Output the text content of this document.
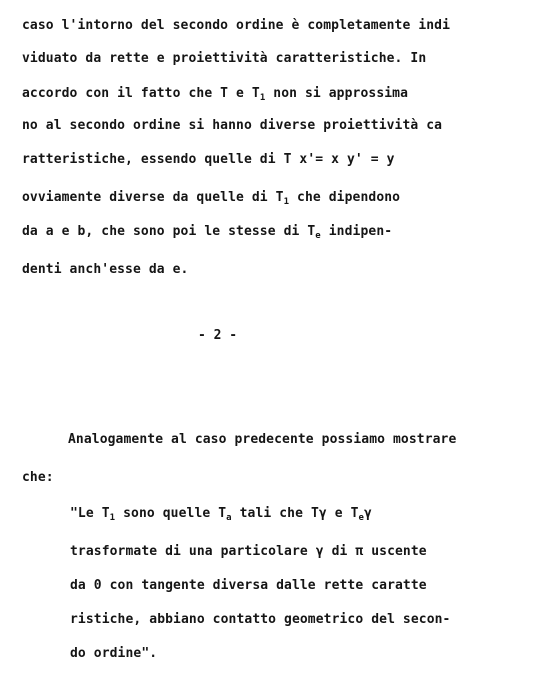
caso l'intorno del secondo ordine è completamente indi
viduato da rette e proiettività caratteristiche. In
accordo con il fatto che T e $T_1$ non si approssima
no al secondo ordine si hanno diverse proiettività ca
ratteristiche, essendo quelle di T x'= x y' = y
ovviamente diverse da quelle di $T_1$ che dipendono
da a e b, che sono poi le stesse di $T_e$ indipen-
denti anch'esse da e.
- 2 -
Analogamente al caso predecente possiamo mostrare
che:
"Le $T_1$ sono quelle $T_a$ tali che Tγ e $T_e\gamma$
trasformate di una particolare γ di π uscente
da 0 con tangente diversa dalle rette caratte
ristiche, abbiano contatto geometrico del secon-
do ordine".
